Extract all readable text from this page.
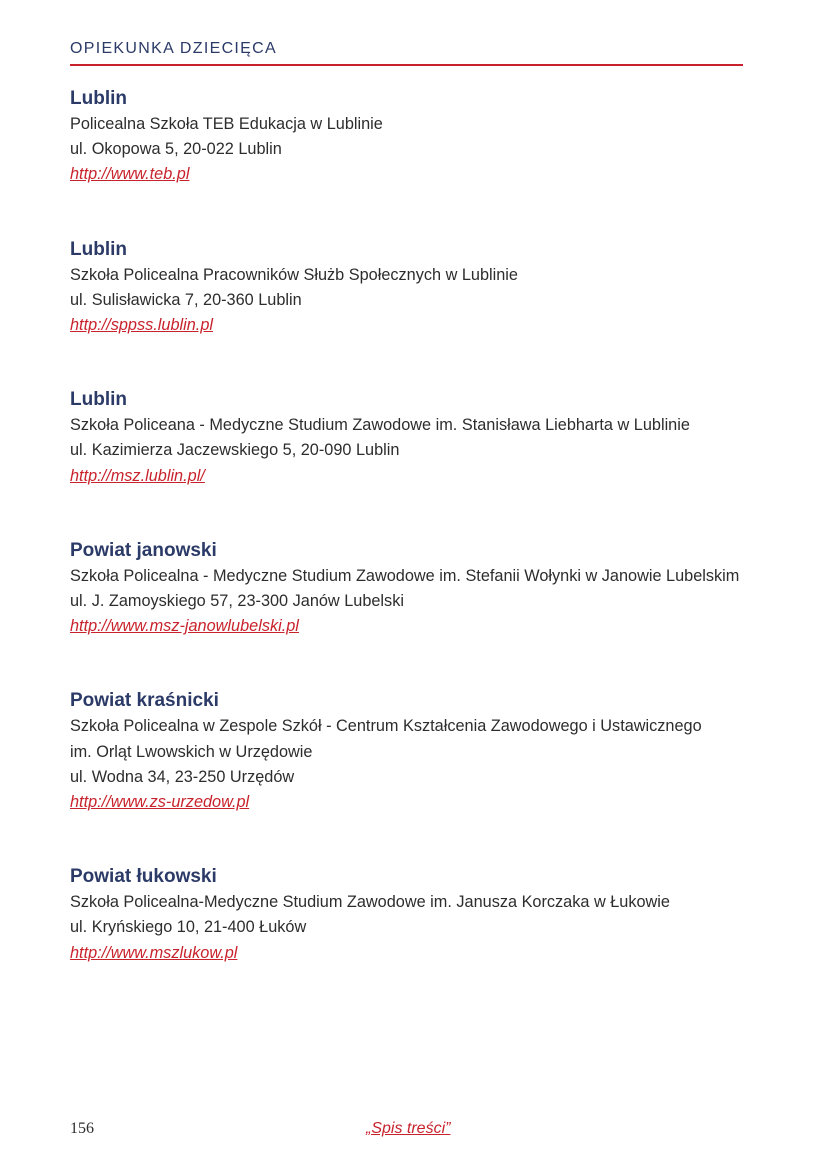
OPIEKUNKA DZIECIĘCA
Lublin
Policealna Szkoła TEB Edukacja w Lublinie
ul. Okopowa 5, 20-022 Lublin
http://www.teb.pl
Lublin
Szkoła Policealna Pracowników Służb Społecznych w Lublinie
ul. Sulisławicka 7, 20-360 Lublin
http://sppss.lublin.pl
Lublin
Szkoła Policeana - Medyczne Studium Zawodowe im. Stanisława Liebharta w Lublinie
ul. Kazimierza Jaczewskiego 5, 20-090 Lublin
http://msz.lublin.pl/
Powiat janowski
Szkoła Policealna - Medyczne Studium Zawodowe im. Stefanii Wołynki w Janowie Lubelskim
ul. J. Zamoyskiego 57, 23-300 Janów Lubelski
http://www.msz-janowlubelski.pl
Powiat kraśnicki
Szkoła Policealna w Zespole Szkół - Centrum Kształcenia Zawodowego i Ustawicznego
im. Orląt Lwowskich w Urzędowie
ul. Wodna 34, 23-250 Urzędów
http://www.zs-urzedow.pl
Powiat łukowski
Szkoła Policealna-Medyczne Studium Zawodowe im. Janusza Korczaka w Łukowie
ul. Kryńskiego 10, 21-400 Łuków
http://www.mszlukow.pl
156	„Spis treści”
